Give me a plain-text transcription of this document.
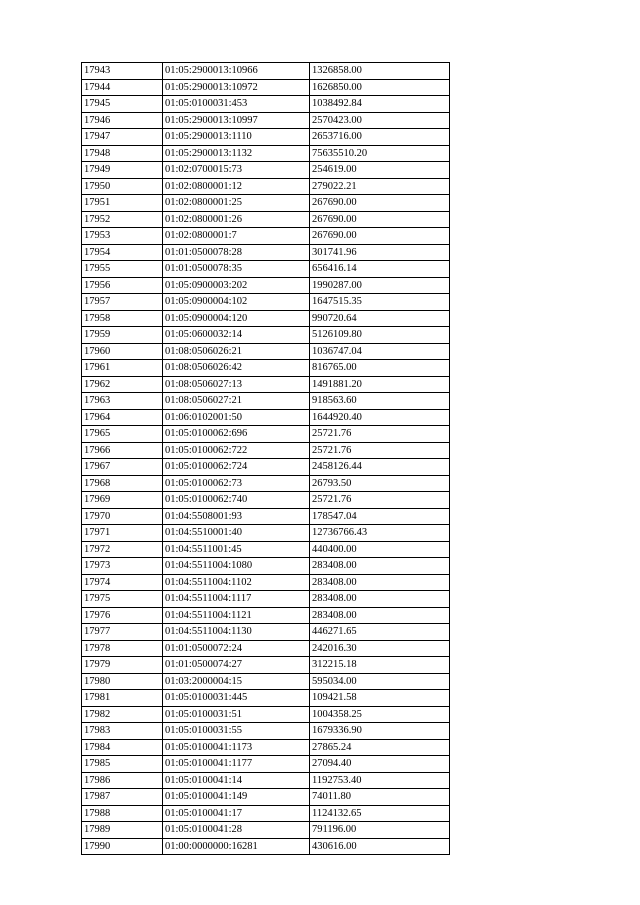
17943	01:05:2900013:10966	1326858.00
17944	01:05:2900013:10972	1626850.00
17945	01:05:0100031:453	1038492.84
17946	01:05:2900013:10997	2570423.00
17947	01:05:2900013:1110	2653716.00
17948	01:05:2900013:1132	75635510.20
17949	01:02:0700015:73	254619.00
17950	01:02:0800001:12	279022.21
17951	01:02:0800001:25	267690.00
17952	01:02:0800001:26	267690.00
17953	01:02:0800001:7	267690.00
17954	01:01:0500078:28	301741.96
17955	01:01:0500078:35	656416.14
17956	01:05:0900003:202	1990287.00
17957	01:05:0900004:102	1647515.35
17958	01:05:0900004:120	990720.64
17959	01:05:0600032:14	5126109.80
17960	01:08:0506026:21	1036747.04
17961	01:08:0506026:42	816765.00
17962	01:08:0506027:13	1491881.20
17963	01:08:0506027:21	918563.60
17964	01:06:0102001:50	1644920.40
17965	01:05:0100062:696	25721.76
17966	01:05:0100062:722	25721.76
17967	01:05:0100062:724	2458126.44
17968	01:05:0100062:73	26793.50
17969	01:05:0100062:740	25721.76
17970	01:04:5508001:93	178547.04
17971	01:04:5510001:40	12736766.43
17972	01:04:5511001:45	440400.00
17973	01:04:5511004:1080	283408.00
17974	01:04:5511004:1102	283408.00
17975	01:04:5511004:1117	283408.00
17976	01:04:5511004:1121	283408.00
17977	01:04:5511004:1130	446271.65
17978	01:01:0500072:24	242016.30
17979	01:01:0500074:27	312215.18
17980	01:03:2000004:15	595034.00
17981	01:05:0100031:445	109421.58
17982	01:05:0100031:51	1004358.25
17983	01:05:0100031:55	1679336.90
17984	01:05:0100041:1173	27865.24
17985	01:05:0100041:1177	27094.40
17986	01:05:0100041:14	1192753.40
17987	01:05:0100041:149	74011.80
17988	01:05:0100041:17	1124132.65
17989	01:05:0100041:28	791196.00
17990	01:00:0000000:16281	430616.00
